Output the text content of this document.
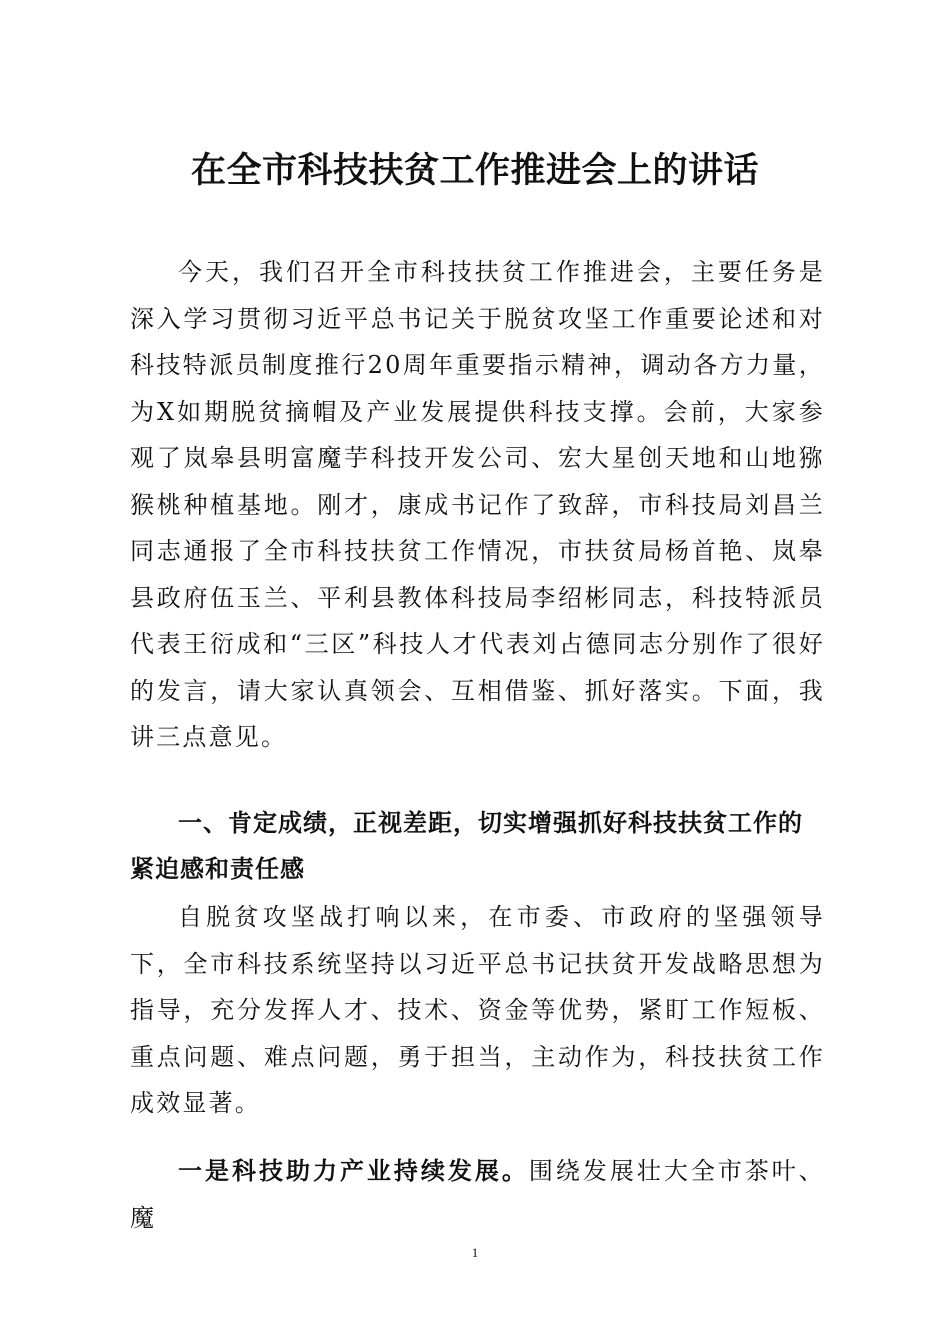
在全市科技扶贫工作推进会上的讲话

今天，我们召开全市科技扶贫工作推进会，主要任务是深入学习贯彻习近平总书记关于脱贫攻坚工作重要论述和对科技特派员制度推行20周年重要指示精神，调动各方力量，为X如期脱贫摘帽及产业发展提供科技支撑。会前，大家参观了岚皋县明富魔芋科技开发公司、宏大星创天地和山地猕猴桃种植基地。刚才，康成书记作了致辞，市科技局刘昌兰同志通报了全市科技扶贫工作情况，市扶贫局杨首艳、岚皋县政府伍玉兰、平利县教体科技局李绍彬同志，科技特派员代表王衍成和“三区”科技人才代表刘占德同志分别作了很好的发言，请大家认真领会、互相借鉴、抓好落实。下面，我讲三点意见。

一、肯定成绩，正视差距，切实增强抓好科技扶贫工作的紧迫感和责任感

自脱贫攻坚战打响以来，在市委、市政府的坚强领导下，全市科技系统坚持以习近平总书记扶贫开发战略思想为指导，充分发挥人才、技术、资金等优势，紧盯工作短板、重点问题、难点问题，勇于担当，主动作为，科技扶贫工作成效显著。

一是科技助力产业持续发展。围绕发展壮大全市茶叶、魔

1
